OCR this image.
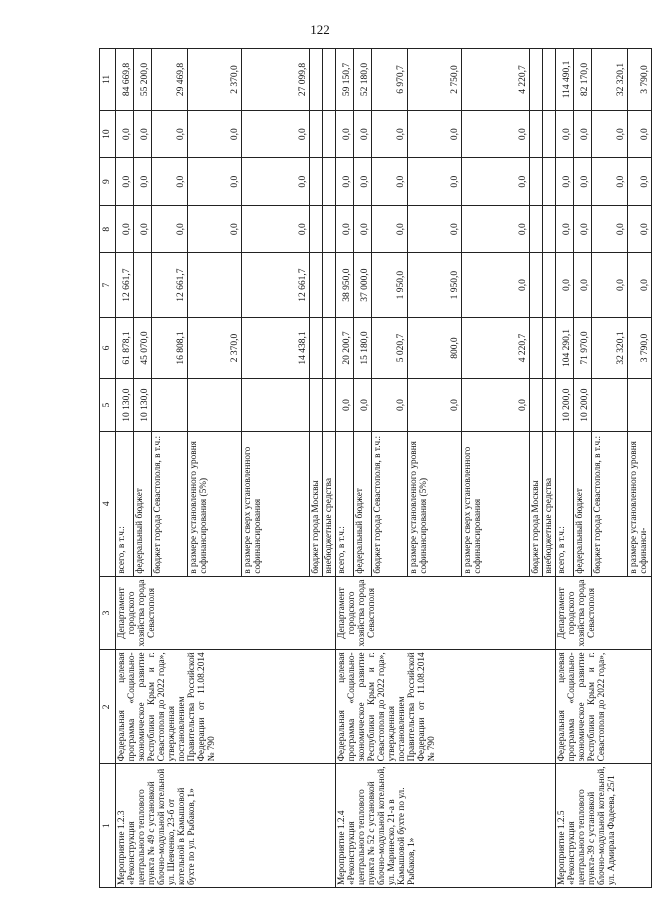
122
1	2	3	4	5	6	7	8	9	10	11
Мероприятие 1.2.3 «Реконструкция центрального теплового пункта № 49 с установкой блочно-модульной котельной ул. Шевченко, 23-б от котельной в Камышовой бухте по ул. Рыбаков, 1»	Федеральная целевая программа «Социально-экономическое развитие Республики Крым и г. Севастополя до 2022 года», утвержденная постановлением Правительства Российской Федерации от 11.08.2014 № 790	Департамент городского хозяйства города Севастополя	всего, в т.ч.:	10 130,0	61 878,1	12 661,7	0,0	0,0	0,0	84 669,8
			федеральный бюджет	10 130,0	45 070,0		0,0	0,0	0,0	55 200,0
			бюджет города Севастополя, в т.ч.:		16 808,1	12 661,7	0,0	0,0	0,0	29 469,8
			в размере установленного уровня софинансирования (5%)		2 370,0		0,0	0,0	0,0	2 370,0
			в размере сверх установленного софинансирования		14 438,1	12 661,7	0,0	0,0	0,0	27 099,8
			бюджет города Москвы							
			внебюджетные средства							
Мероприятие 1.2.4 «Реконструкция центрального теплового пункта № 52 с установкой блочно-модульной котельной, ул. Маринеско, 21-а в Камышовой бухте по ул. Рыбаков, 1»	Федеральная целевая программа «Социально-экономическое развитие Республики Крым и г. Севастополя до 2022 года», утвержденная постановлением Правительства Российской Федерации от 11.08.2014 № 790	Департамент городского хозяйства города Севастополя	всего, в т.ч.:	0,0	20 200,7	38 950,0	0,0	0,0	0,0	59 150,7
			федеральный бюджет	0,0	15 180,0	37 000,0	0,0	0,0	0,0	52 180,0
			бюджет города Севастополя, в т.ч.:	0,0	5 020,7	1 950,0	0,0	0,0	0,0	6 970,7
			в размере установленного уровня софинансирования (5%)	0,0	800,0	1 950,0	0,0	0,0	0,0	2 750,0
			в размере сверх установленного софинансирования	0,0	4 220,7	0,0	0,0	0,0	0,0	4 220,7
			бюджет города Москвы							
			внебюджетные средства							
Мероприятие 1.2.5 «Реконструкция центрального теплового пункта-39 с установкой блочно-модульной котельной, ул. Адмирала Фадеева, 25/1	Федеральная целевая программа «Социально-экономическое развитие Республики Крым и г. Севастополя до 2022 года»,	Департамент городского хозяйства города Севастополя	всего, в т.ч.:	10 200,0	104 290,1	0,0	0,0	0,0	0,0	114 490,1
			федеральный бюджет	10 200,0	71 970,0	0,0	0,0	0,0	0,0	82 170,0
			бюджет города Севастополя, в т.ч.:		32 320,1	0,0	0,0	0,0	0,0	32 320,1
			в размере установленного уровня софинанси-		3 790,0	0,0	0,0	0,0	0,0	3 790,0
